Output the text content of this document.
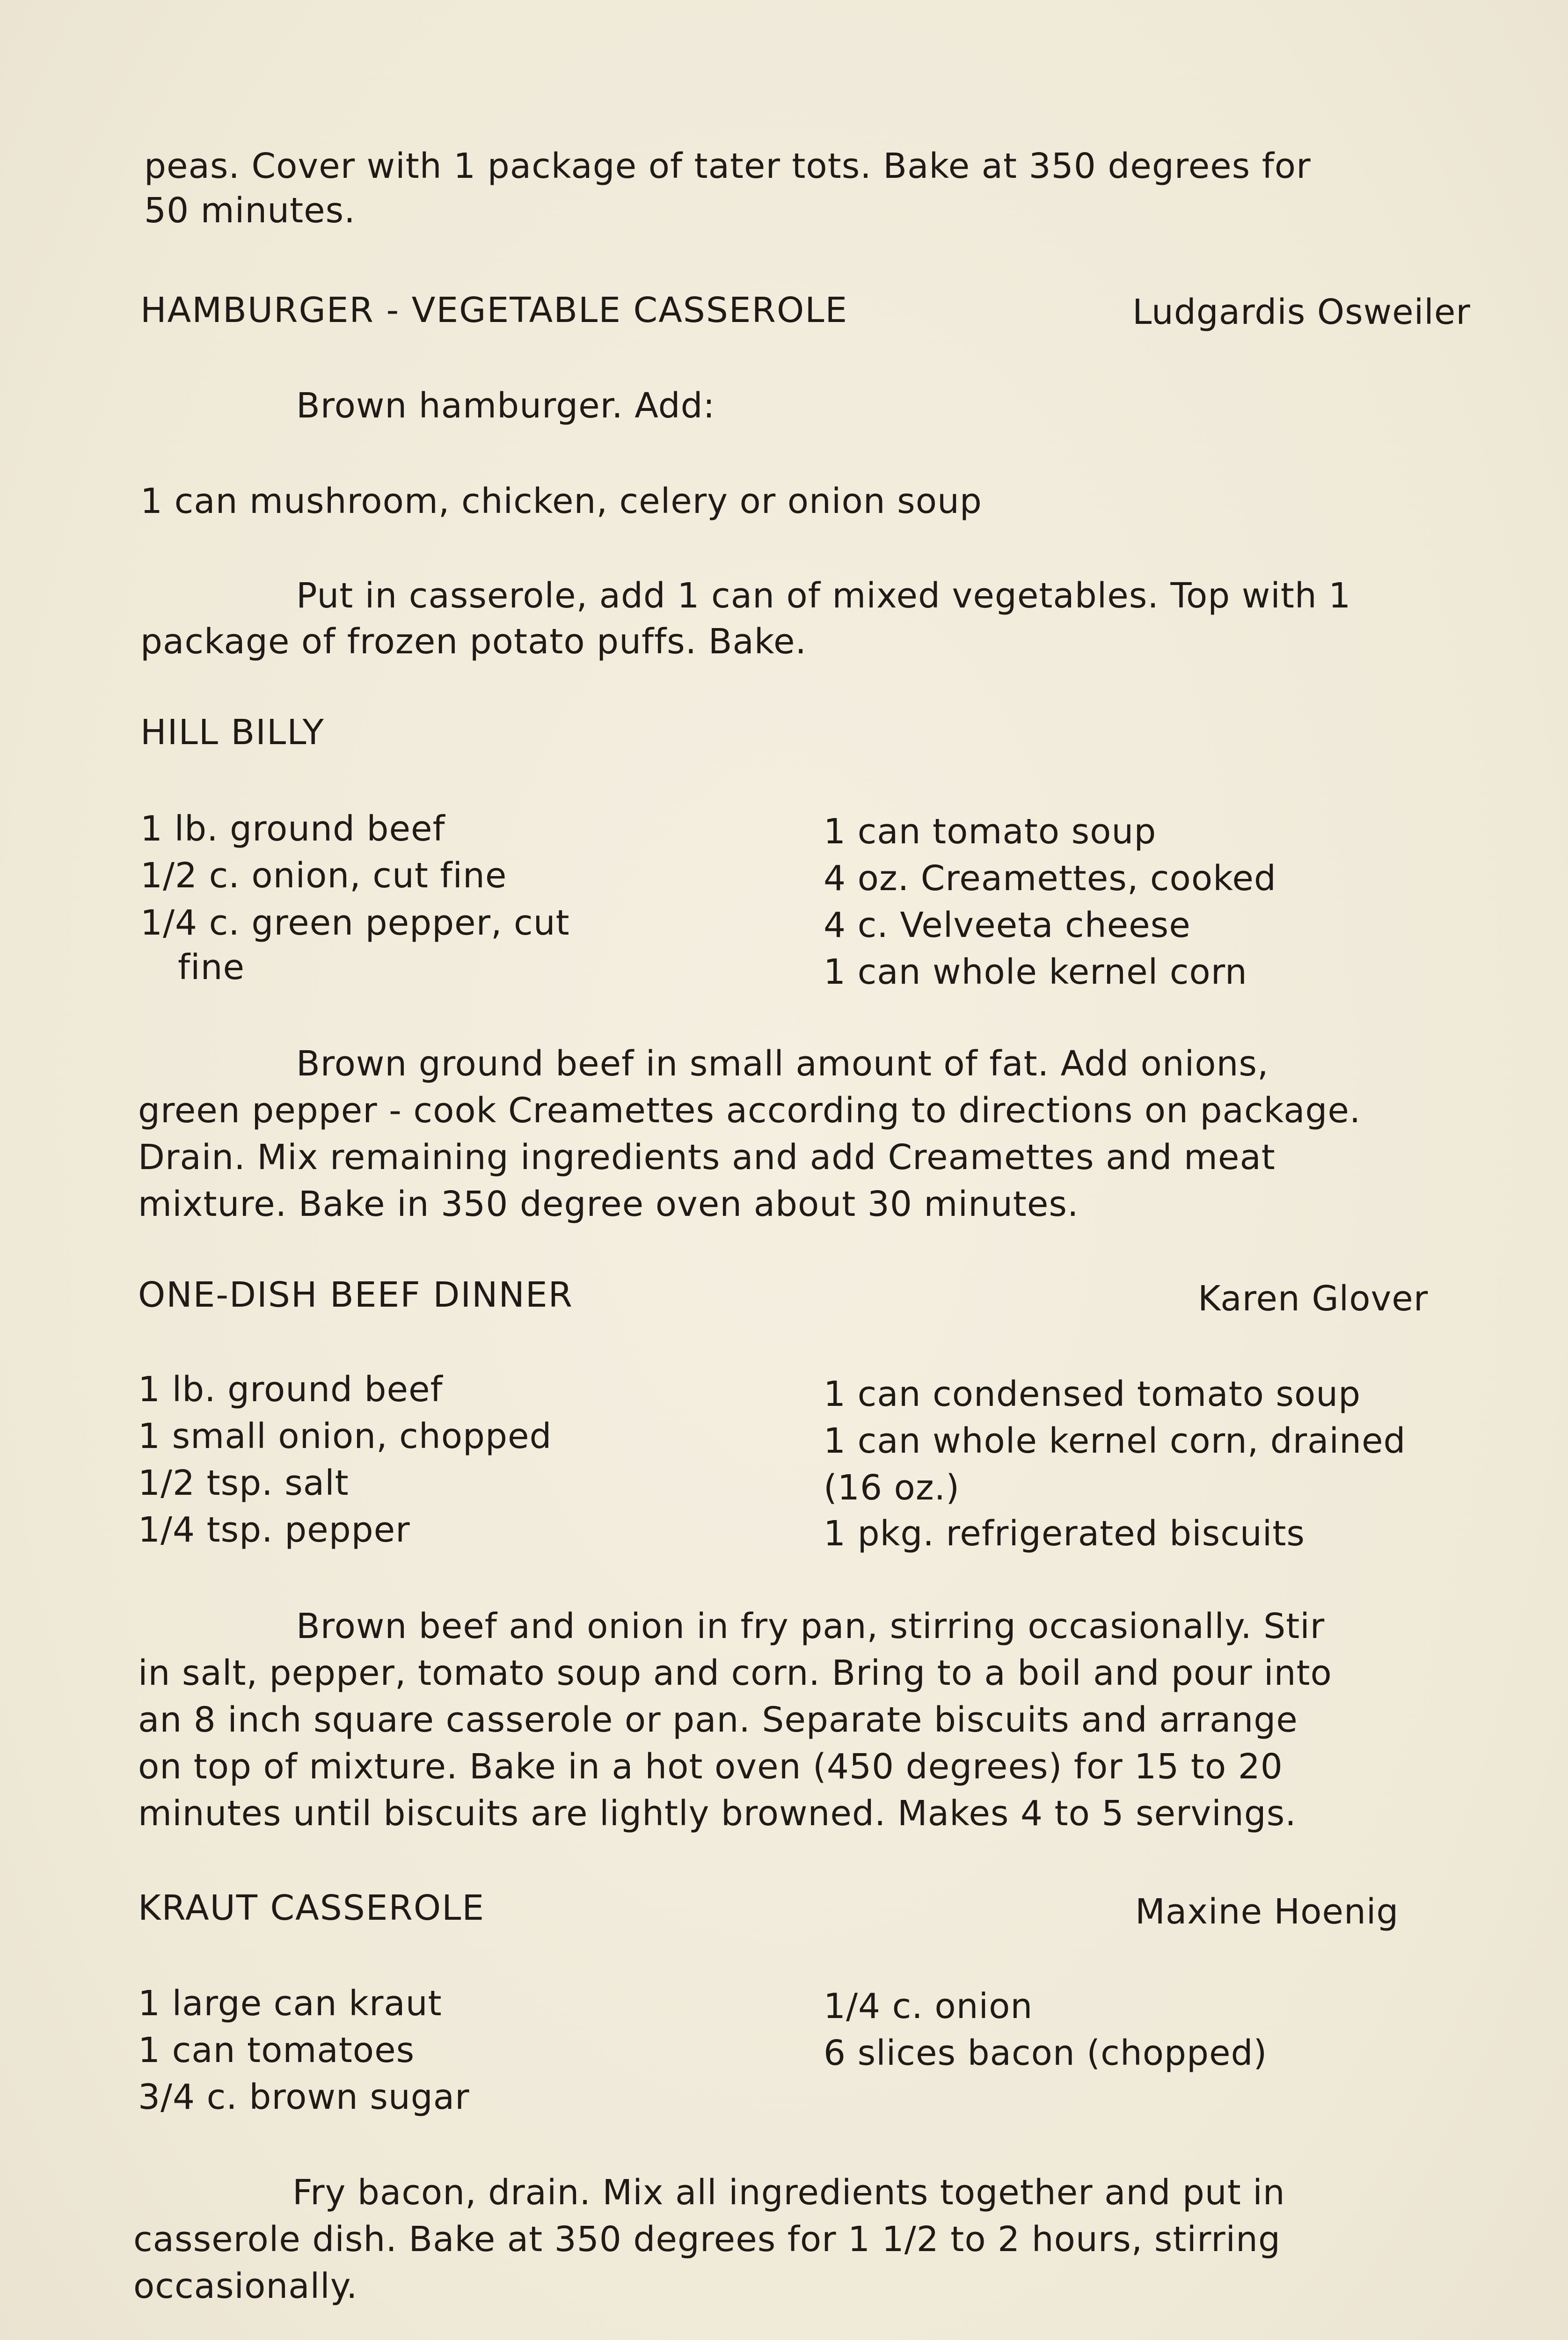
peas. Cover with 1 package of tater tots. Bake at 350 degrees for
50 minutes.
HAMBURGER - VEGETABLE CASSEROLE	Ludgardis Osweiler
Brown hamburger. Add:
1 can mushroom, chicken, celery or onion soup
Put in casserole, add 1 can of mixed vegetables. Top with 1
package of frozen potato puffs. Bake.
HILL BILLY
1 lb. ground beef
1/2 c. onion, cut fine
1/4 c. green pepper, cut
fine
1 can tomato soup
4 oz. Creamettes, cooked
4 c. Velveeta cheese
1 can whole kernel corn
Brown ground beef in small amount of fat. Add onions,
green pepper - cook Creamettes according to directions on package.
Drain. Mix remaining ingredients and add Creamettes and meat
mixture. Bake in 350 degree oven about 30 minutes.
ONE-DISH BEEF DINNER	Karen Glover
1 lb. ground beef
1 small onion, chopped
1/2 tsp. salt
1/4 tsp. pepper
1 can condensed tomato soup
1 can whole kernel corn, drained
(16 oz.)
1 pkg. refrigerated biscuits
Brown beef and onion in fry pan, stirring occasionally. Stir
in salt, pepper, tomato soup and corn. Bring to a boil and pour into
an 8 inch square casserole or pan. Separate biscuits and arrange
on top of mixture. Bake in a hot oven (450 degrees) for 15 to 20
minutes until biscuits are lightly browned. Makes 4 to 5 servings.
KRAUT CASSEROLE	Maxine Hoenig
1 large can kraut
1 can tomatoes
3/4 c. brown sugar
1/4 c. onion
6 slices bacon (chopped)
Fry bacon, drain. Mix all ingredients together and put in
casserole dish. Bake at 350 degrees for 1 1/2 to 2 hours, stirring
occasionally.
